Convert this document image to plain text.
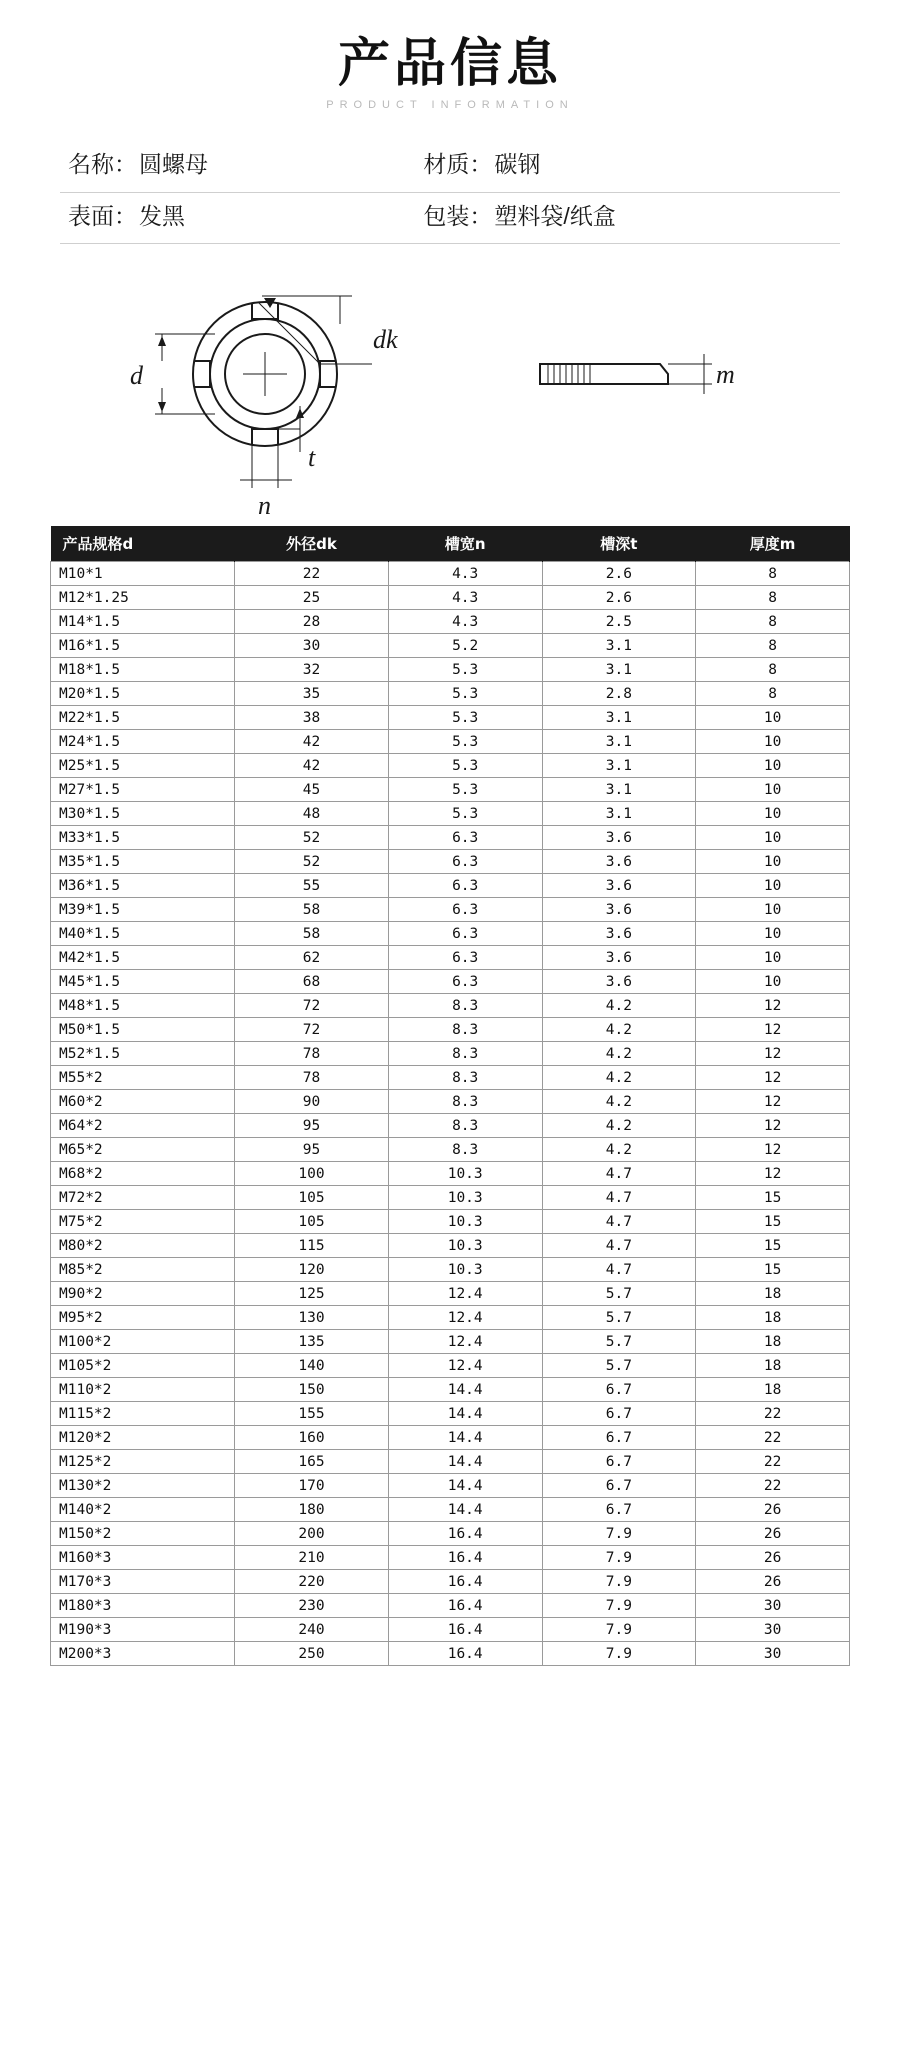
产品信息
PRODUCT INFORMATION
名称： 圆螺母	材质： 碳钢
表面： 发黑	包装： 塑料袋/纸盒
dk
d
t
n
m
产品规格d	外径dk	槽宽n	槽深t	厚度m
M10*1	22	4.3	2.6	8
M12*1.25	25	4.3	2.6	8
M14*1.5	28	4.3	2.5	8
M16*1.5	30	5.2	3.1	8
M18*1.5	32	5.3	3.1	8
M20*1.5	35	5.3	2.8	8
M22*1.5	38	5.3	3.1	10
M24*1.5	42	5.3	3.1	10
M25*1.5	42	5.3	3.1	10
M27*1.5	45	5.3	3.1	10
M30*1.5	48	5.3	3.1	10
M33*1.5	52	6.3	3.6	10
M35*1.5	52	6.3	3.6	10
M36*1.5	55	6.3	3.6	10
M39*1.5	58	6.3	3.6	10
M40*1.5	58	6.3	3.6	10
M42*1.5	62	6.3	3.6	10
M45*1.5	68	6.3	3.6	10
M48*1.5	72	8.3	4.2	12
M50*1.5	72	8.3	4.2	12
M52*1.5	78	8.3	4.2	12
M55*2	78	8.3	4.2	12
M60*2	90	8.3	4.2	12
M64*2	95	8.3	4.2	12
M65*2	95	8.3	4.2	12
M68*2	100	10.3	4.7	12
M72*2	105	10.3	4.7	15
M75*2	105	10.3	4.7	15
M80*2	115	10.3	4.7	15
M85*2	120	10.3	4.7	15
M90*2	125	12.4	5.7	18
M95*2	130	12.4	5.7	18
M100*2	135	12.4	5.7	18
M105*2	140	12.4	5.7	18
M110*2	150	14.4	6.7	18
M115*2	155	14.4	6.7	22
M120*2	160	14.4	6.7	22
M125*2	165	14.4	6.7	22
M130*2	170	14.4	6.7	22
M140*2	180	14.4	6.7	26
M150*2	200	16.4	7.9	26
M160*3	210	16.4	7.9	26
M170*3	220	16.4	7.9	26
M180*3	230	16.4	7.9	30
M190*3	240	16.4	7.9	30
M200*3	250	16.4	7.9	30
